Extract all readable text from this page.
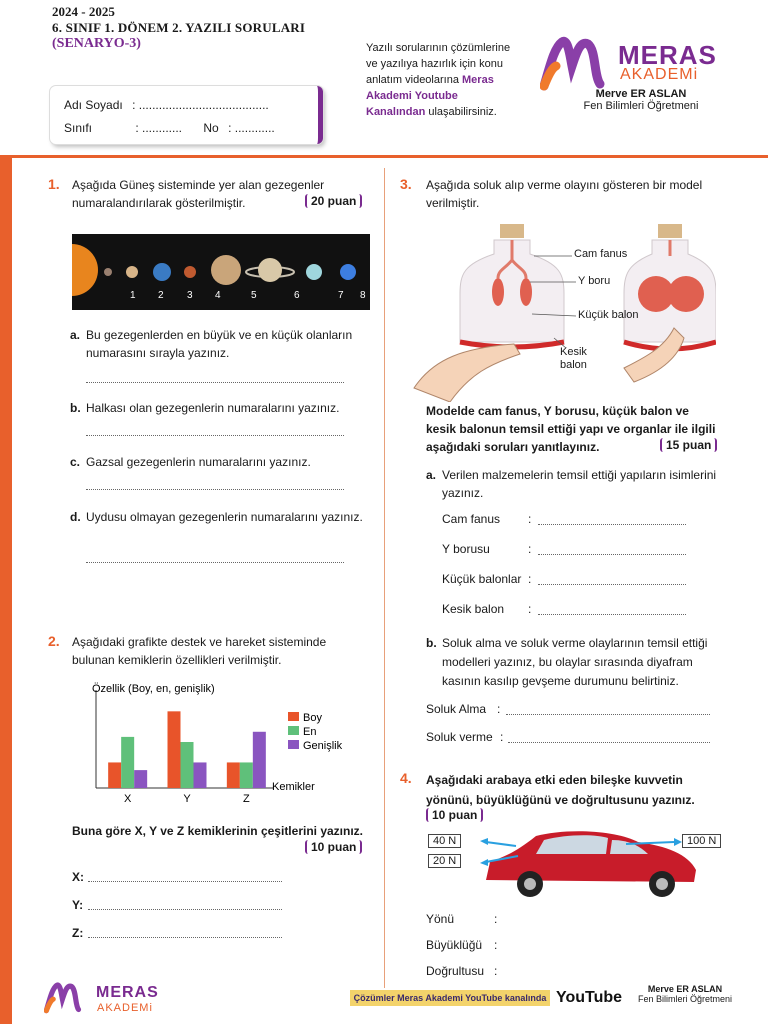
2024 - 2025
6. SINIF 1. DÖNEM 2. YAZILI SORULARI
(SENARYO-3)
Adı Soyadı : .......................................
Sınıfı	: ............ No : ............
Yazılı sorularının çözümlerine ve yazılıya hazırlık için konu anlatım videolarına Meras Akademi Youtube Kanalından ulaşabilirsiniz.
MERAS
AKADEMi
Merve ER ASLAN
Fen Bilimleri Öğretmeni
1. Aşağıda Güneş sisteminde yer alan gezegenler numaralandırılarak gösterilmiştir.	20 puan
1 2 3 4	5	6	7 8
a. Bu gezegenlerden en büyük ve en küçük olanların numarasını sırayla yazınız.
b. Halkası olan gezegenlerin numaralarını yazınız.
c. Gazsal gezegenlerin numaralarını yazınız.
d. Uydusu olmayan gezegenlerin numaralarını yazınız.
2. Aşağıdaki grafikte destek ve hareket sisteminde bulunan kemiklerin özellikleri verilmiştir.
X	Y	Z
Özellik (Boy, en, genişlik)
Kemikler
Boy
En
Genişlik
Buna göre X, Y ve Z kemiklerinin çeşitlerini yazınız.
10 puan
X:
Y:
Z:
3. Aşağıda soluk alıp verme olayını gösteren bir model verilmiştir.
Cam fanus
Y boru
Küçük balon
Kesik balon
Modelde cam fanus, Y borusu, küçük balon ve kesik balonun temsil ettiği yapı ve organlar ile ilgili aşağıdaki soruları yanıtlayınız.	15 puan
a. Verilen malzemelerin temsil ettiği yapıların isimlerini yazınız.
Cam fanus :
Y borusu	:
Küçük balonlar :
Kesik balon :
b. Soluk alma ve soluk verme olaylarının temsil ettiği modelleri yazınız, bu olaylar sırasında diyafram kasının kasılıp gevşeme durumunu belirtiniz.
Soluk Alma :
Soluk verme :
4. Aşağıdaki arabaya etki eden bileşke kuvvetin yönünü, büyüklüğünü ve doğrultusunu yazınız.
10 puan
40 N
20 N
100 N
Yönü	:
Büyüklüğü :
Doğrultusu :
MERAS
AKADEMi
Çözümler Meras Akademi YouTube kanalında YouTube	Merve ER ASLAN
Fen Bilimleri Öğretmeni
